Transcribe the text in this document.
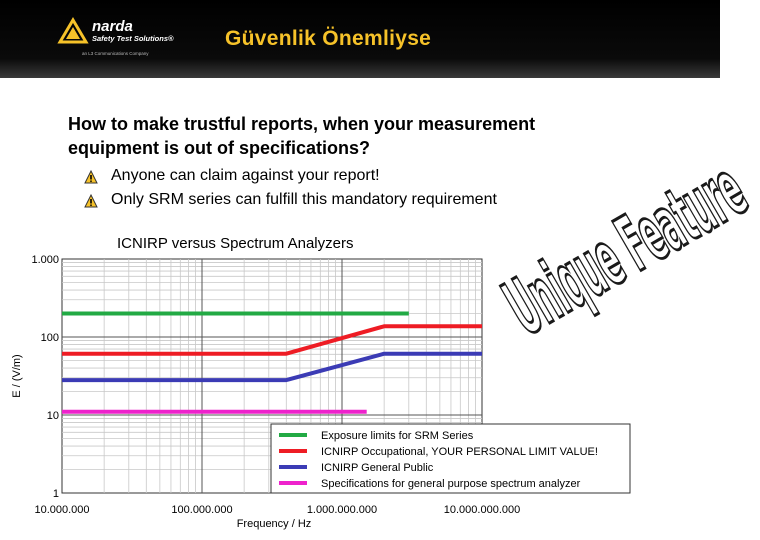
narda
Safety Test Solutions®
an L3 Communications Company
Güvenlik Önemliyse
How to make trustful reports, when your measurement equipment is out of specifications?
Anyone can claim against your report!
Only SRM series can fulfill this mandatory requirement
ICNIRP versus Spectrum Analyzers
1
10
100
1.000
10.000.000	100.000.000	1.000.000.000	10.000.000.000
Frequency / Hz
E / (V/m)
Exposure limits for SRM Series
ICNIRP Occupational, YOUR PERSONAL LIMIT VALUE!
ICNIRP General Public
Specifications for general purpose spectrum analyzer
Unique Feature
